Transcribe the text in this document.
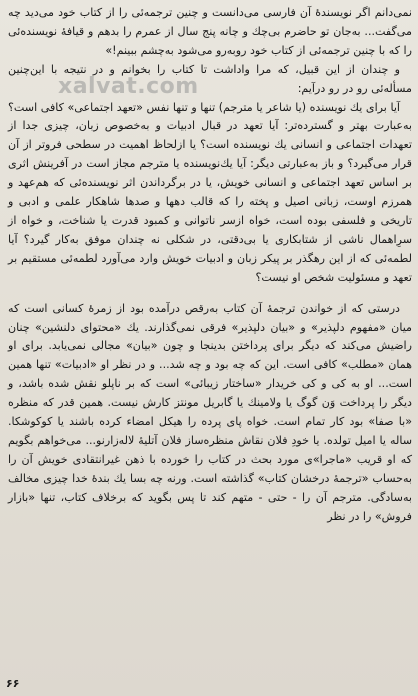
نمی‌دانم اگر نویسندهٔ آن فارسی می‌دانست و چنین ترجمه‌ئی را از کتاب خود می‌دید چه می‌گفت... به‌جان تو حاضرم بی‌چك و چانه پنج سال از عمرم را بدهم و قیافهٔ نویسنده‌ئی را که با چنین ترجمه‌ئی از کتاب خود روبه‌رو می‌شود به‌چشم ببینم!»

و چندان از این قبیل، که مرا واداشت تا کتاب را بخوانم و در نتیجه با این‌چنین مسأله‌ئی رو در رو درآیم:

آیا برای یك نویسنده (یا شاعر یا مترجم) تنها و تنها نفس «تعهد اجتماعی» کافی است؟ به‌عبارت بهتر و گسترده‌تر: آیا تعهد در قبال ادبیات و به‌خصوص زبان، چیزی جدا از تعهدات اجتماعی و انسانی یك نویسنده است؟ یا ازلحاظ اهمیت در سطحی فروتر از آن قرار می‌گیرد؟ و باز به‌عبارتی دیگر: آیا یك‌نویسنده یا مترجم مجاز است در آفرینش اثری بر اساس تعهد اجتماعی و انسانی خویش، یا در برگرداندن اثر نویسنده‌ئی که هم‌عهد و همرزم اوست، زبانی اصیل و پخته را که قالب دهها و صدها شاهکار علمی و ادبی و تاریخی و فلسفی بوده است، خواه ازسر ناتوانی و کمبود قدرت یا شناخت، و خواه از سرِاهمال ناشی از شتابکاری یا بی‌دقتی، در شکلی نه چندان موفق به‌کار گیرد؟ آیا لطمه‌ئی که از این رهگذر بر پیکر زبان و ادبیات خویش وارد می‌آورد لطمه‌ئی مستقیم بر تعهد و مسئولیت شخص او نیست؟

درستی که از خواندن ترجمهٔ آن کتاب به‌رقص درآمده بود از زمرهٔ کسانی است که میان «مفهوم دلپذیر» و «بیان دلپذیر» فرقی نمی‌گذارند. یك «محتوای دلنشین» چنان راضیش می‌کند که دیگر برای پرداختن بدینجا و چون «بیان» مجالی نمی‌یابد. برای او همان «مطلب» کافی است. این که چه بود و چه شد... و در نظر او «ادبیات» تنها همین است... او به کی و کی خریدار «ساختار زیبائی» است که بر ناپلو نقش شده باشد، و دیگر را پرداخت وَن گوگ یا ولامینك یا گابریل مونتز کارش نیست. همین قدر که منظره «با صفا» بود کار تمام است. خواه پای پرده را هیکل امضاء کرده باشند یا کوکوشکا. ساله یا امیل تولده. یا خودِ فلان نقاش منظره‌ساز فلان آتلیهٔ لالەزارنو... می‌خواهم بگویم که او قریب «ماجرا»ی مورد بحث در کتاب را خورده با ذهن غیرانتقادی خویش آن را به‌حساب «ترجمهٔ درخشان کتاب» گذاشته است. ورنه چه بسا یك بندهٔ خدا چیزی مخالف به‌سادگی. مترجم آن را - حتی - متهم کند تا پس بگوید که برخلاف کتاب، تنها «بازار فروش» را در نظر

xalvat.com
۶۶
